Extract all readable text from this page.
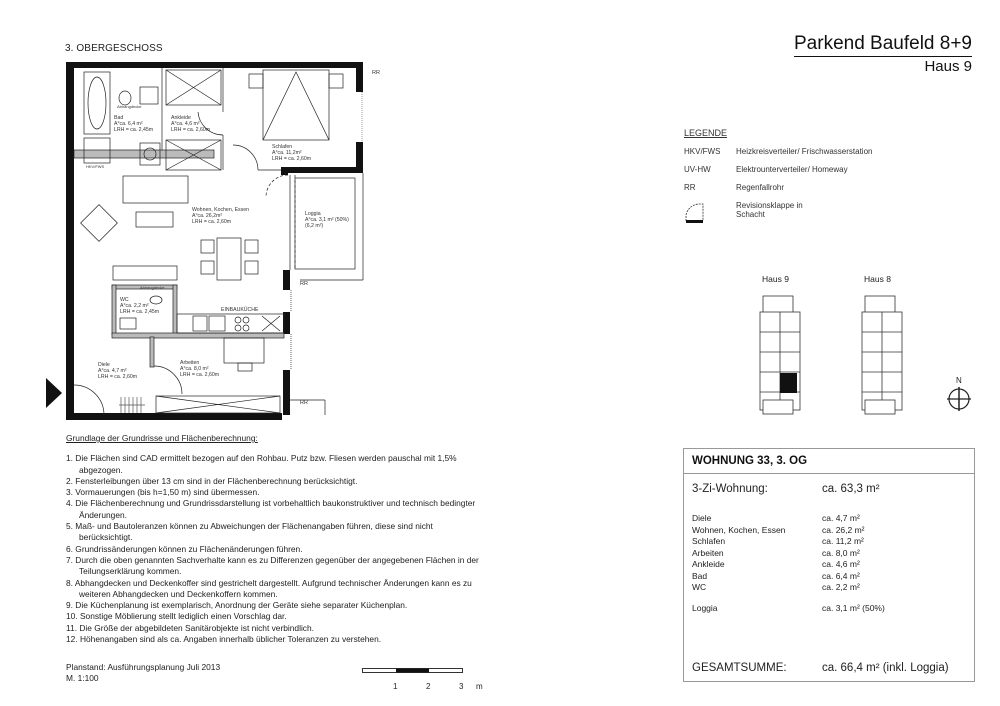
3. OBERGESCHOSS	Parkend Baufeld 8+9
Haus 9
RR
RR
RR
Bad
A°ca. 6,4 m²
LRH = ca. 2,45m
Ankleide
A°ca. 4,6 m²
LRH = ca. 2,60m
Schlafen
A°ca. 11,2m²
LRH = ca. 2,60m
Wohnen, Kochen, Essen
A°ca. 26,2m²
LRH = ca. 2,60m
Loggia
A°ca. 3,1 m² (50%)
(6,2 m²)
WC
A°ca. 2,2 m²
LRH = ca. 2,45m
Diele
A°ca. 4,7 m²
LRH = ca. 2,60m
Arbeiten
A°ca. 8,0 m²
LRH = ca. 2,60m
EINBAUKÜCHE
Abhangdecke
Abhangdecke
HKV/FWS
LEGENDE
HKV/FWS	Heizkreisverteiler/ Frischwasserstation
UV-HW	Elektrounterverteiler/ Homeway
RR	Regenfallrohr
Revisionsklappe in
Schacht
Haus 9	Haus 8
N
Grundlage der Grundrisse und Flächenberechnung:
1. Die Flächen sind CAD ermittelt bezogen auf den Rohbau. Putz bzw. Fliesen werden pauschal mit 1,5% abgezogen.
2. Fensterleibungen über 13 cm sind in der Flächenberechnung berücksichtigt.
3. Vormauerungen (bis h=1,50 m) sind übermessen.
4. Die Flächenberechnung und Grundrissdarstellung ist vorbehaltlich baukonstruktiver und technisch bedingter Änderungen.
5. Maß- und Bautoleranzen können zu Abweichungen der Flächenangaben führen, diese sind nicht berücksichtigt.
6. Grundrissänderungen können zu Flächenänderungen führen.
7. Durch die oben genannten Sachverhalte kann es zu Differenzen gegenüber der angegebenen Flächen in der Teilungserklärung kommen.
8. Abhangdecken und Deckenkoffer sind gestrichelt dargestellt. Aufgrund technischer Änderungen kann es zu weiteren Abhangdecken und Deckenkoffern kommen.
9. Die Küchenplanung ist exemplarisch, Anordnung der Geräte siehe separater Küchenplan.
10. Sonstige Möblierung stellt lediglich einen Vorschlag dar.
11. Die Größe der abgebildeten Sanitärobjekte ist nicht verbindlich.
12. Höhenangaben sind als ca. Angaben innerhalb üblicher Toleranzen zu verstehen.
Planstand: Ausführungsplanung Juli 2013
M. 1:100
1	2	3 m
WOHNUNG 33, 3. OG
3-Zi-Wohnung:	ca. 63,3 m²
Diele	ca. 4,7 m²
Wohnen, Kochen, Essen	ca. 26,2 m²
Schlafen	ca. 11,2 m²
Arbeiten	ca. 8,0 m²
Ankleide	ca. 4,6 m²
Bad	ca. 6,4 m²
WC	ca. 2,2 m²
Loggia	ca. 3,1 m² (50%)
GESAMTSUMME:	ca. 66,4 m² (inkl. Loggia)
